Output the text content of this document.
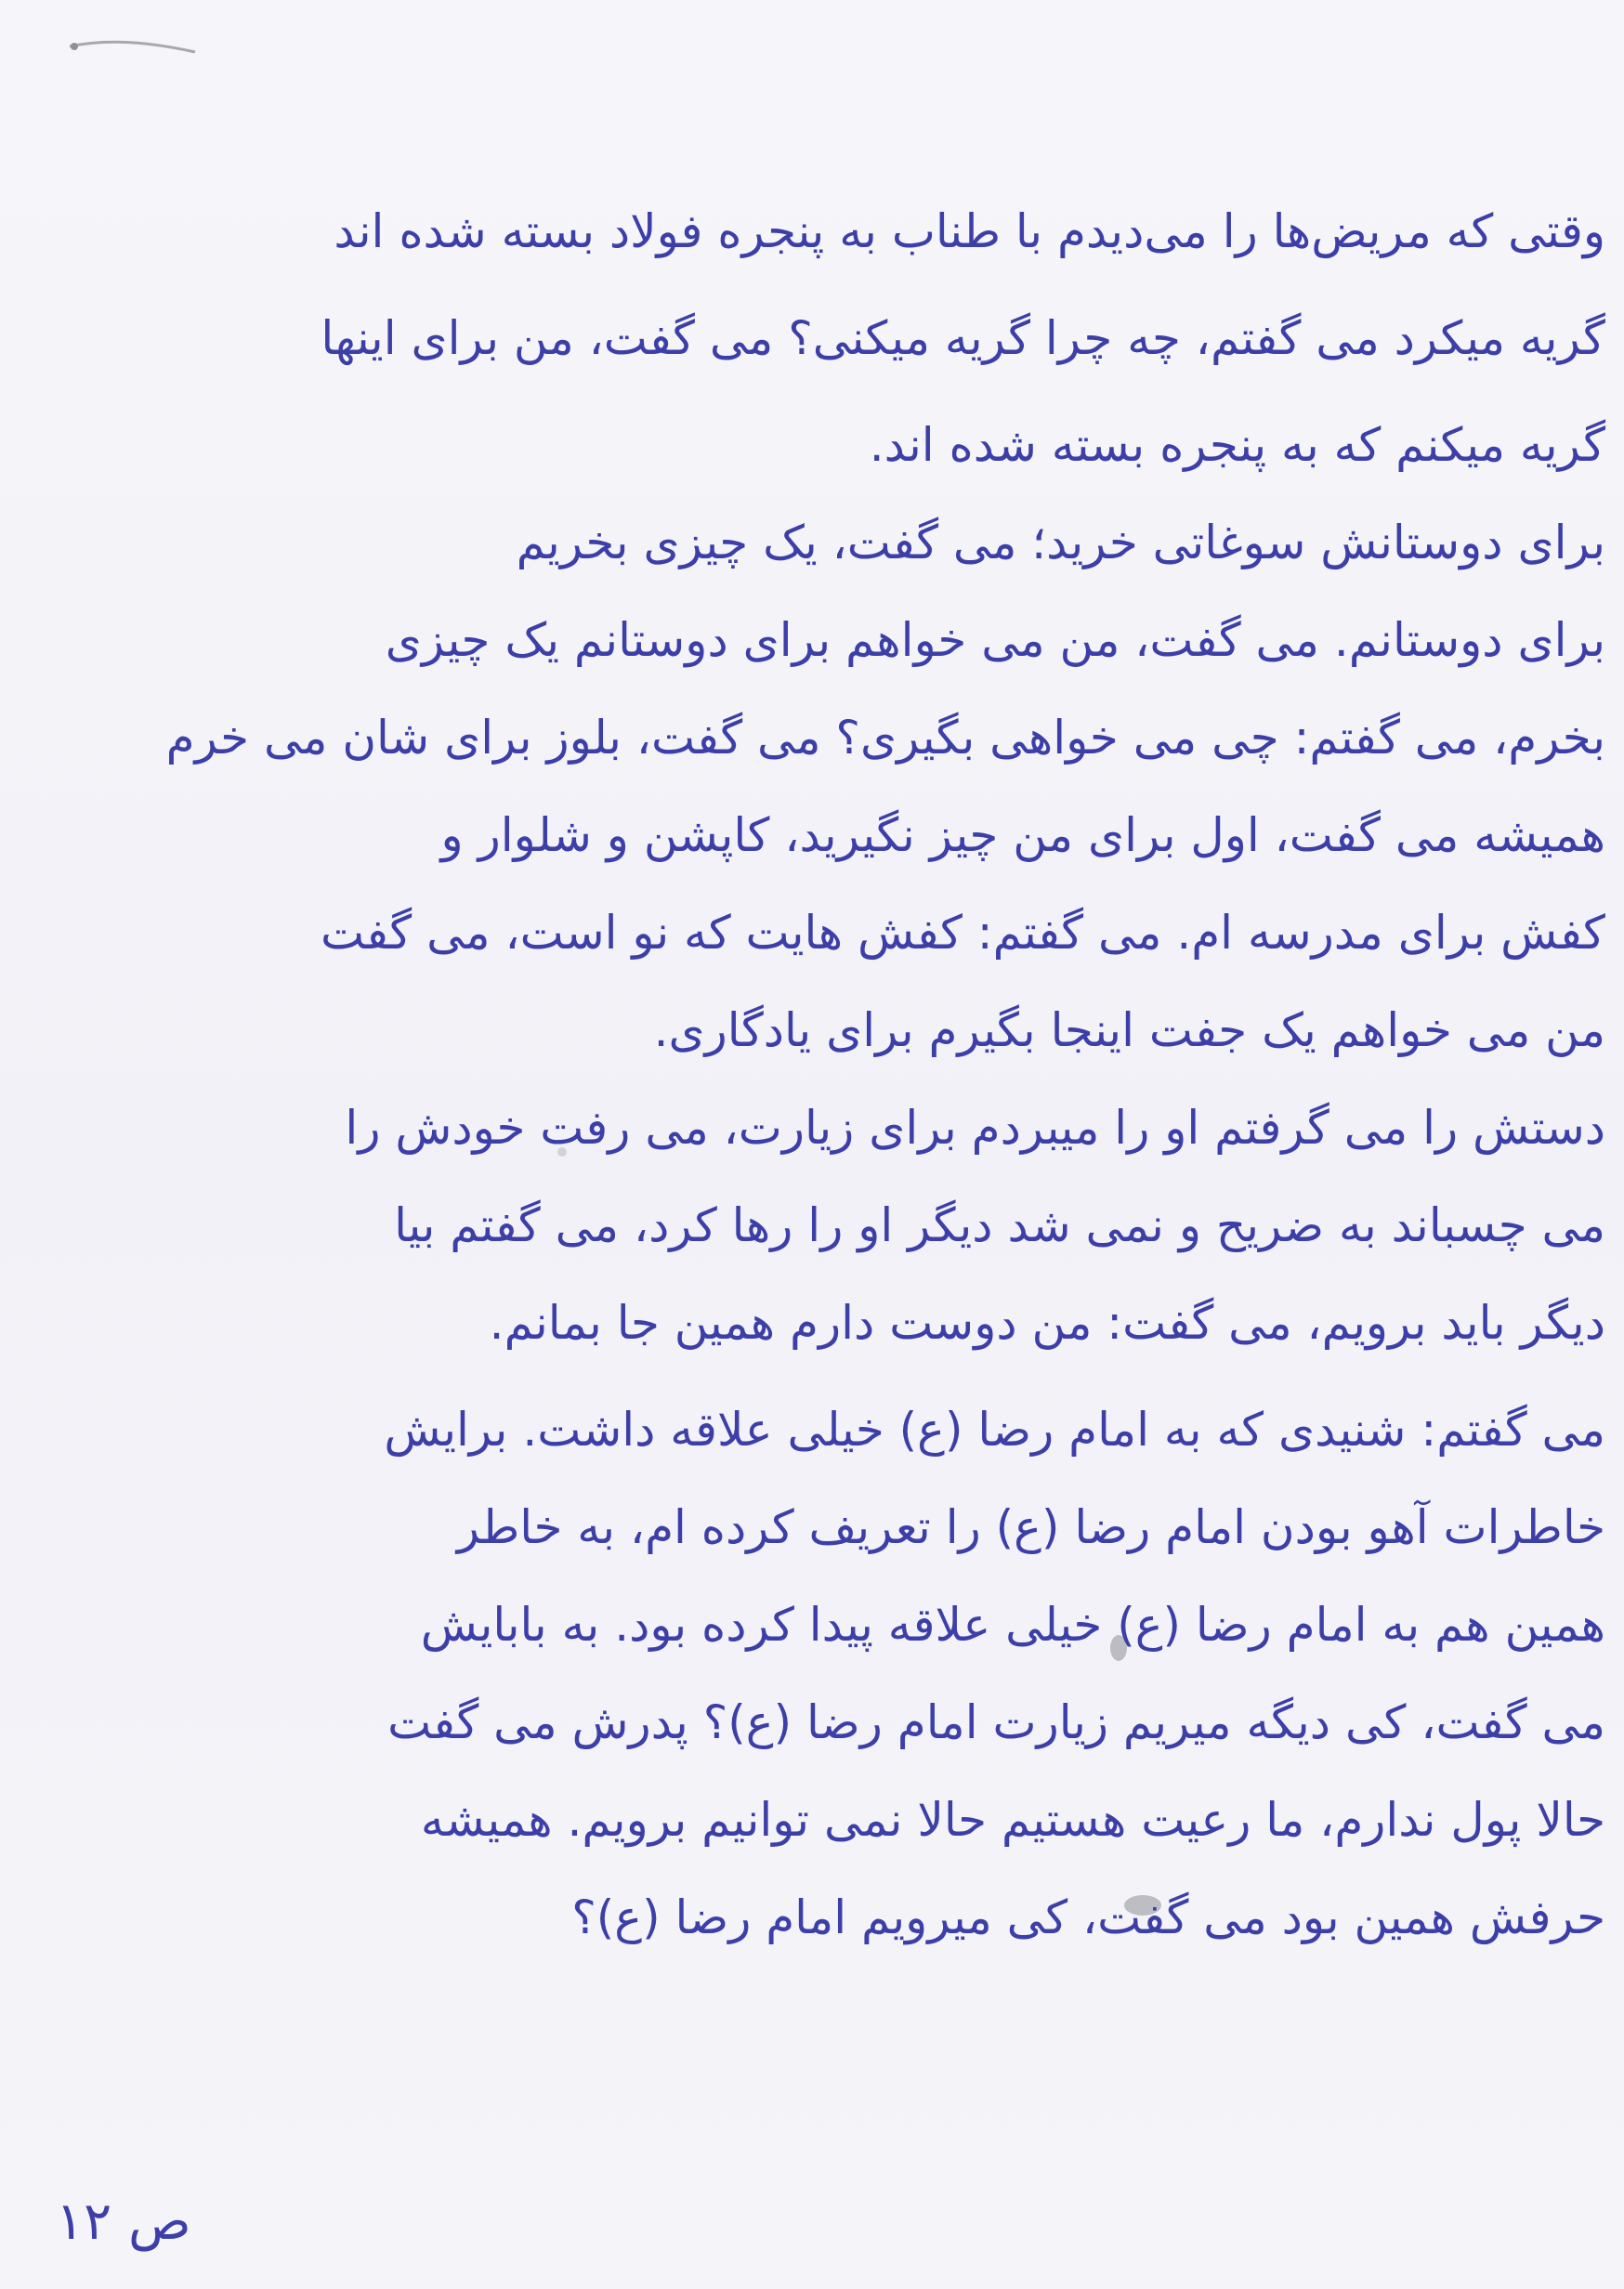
وقتی که مریض‌ها را می‌دیدم با طناب به پنجره فولاد بسته شده اند
گریه میکرد می گفتم، چه چرا گریه میکنی؟ می گفت، من برای اینها
گریه میکنم که به پنجره بسته شده اند.
برای دوستانش سوغاتی خرید؛ می گفت، یک چیزی بخریم
برای دوستانم. می گفت، من می خواهم برای دوستانم یک چیزی
بخرم، می گفتم: چی می خواهی بگیری؟ می گفت، بلوز برای شان می خرم
همیشه می گفت، اول برای من چیز نگیرید، کاپشن و شلوار و
کفش برای مدرسه ام. می گفتم: کفش هایت که نو است، می گفت
من می خواهم یک جفت اینجا بگیرم برای یادگاری.
دستش را می گرفتم او را میبردم برای زیارت، می رفت خودش را
می چسباند به ضریح و نمی شد دیگر او را رها کرد، می گفتم بیا
دیگر باید برویم، می گفت: من دوست دارم همین جا بمانم.
می گفتم: شنیدی که به امام رضا (ع) خیلی علاقه داشت. برایش
خاطرات آهو بودن امام رضا (ع) را تعریف کرده ام، به خاطر
همین هم به امام رضا (ع) خیلی علاقه پیدا کرده بود. به بابایش
می گفت، کی دیگه میریم زیارت امام رضا (ع)؟ پدرش می گفت
حالا پول ندارم، ما رعیت هستیم حالا نمی توانیم برویم. همیشه
حرفش همین بود می گفت، کی میرویم امام رضا (ع)؟
ص ۱۲
